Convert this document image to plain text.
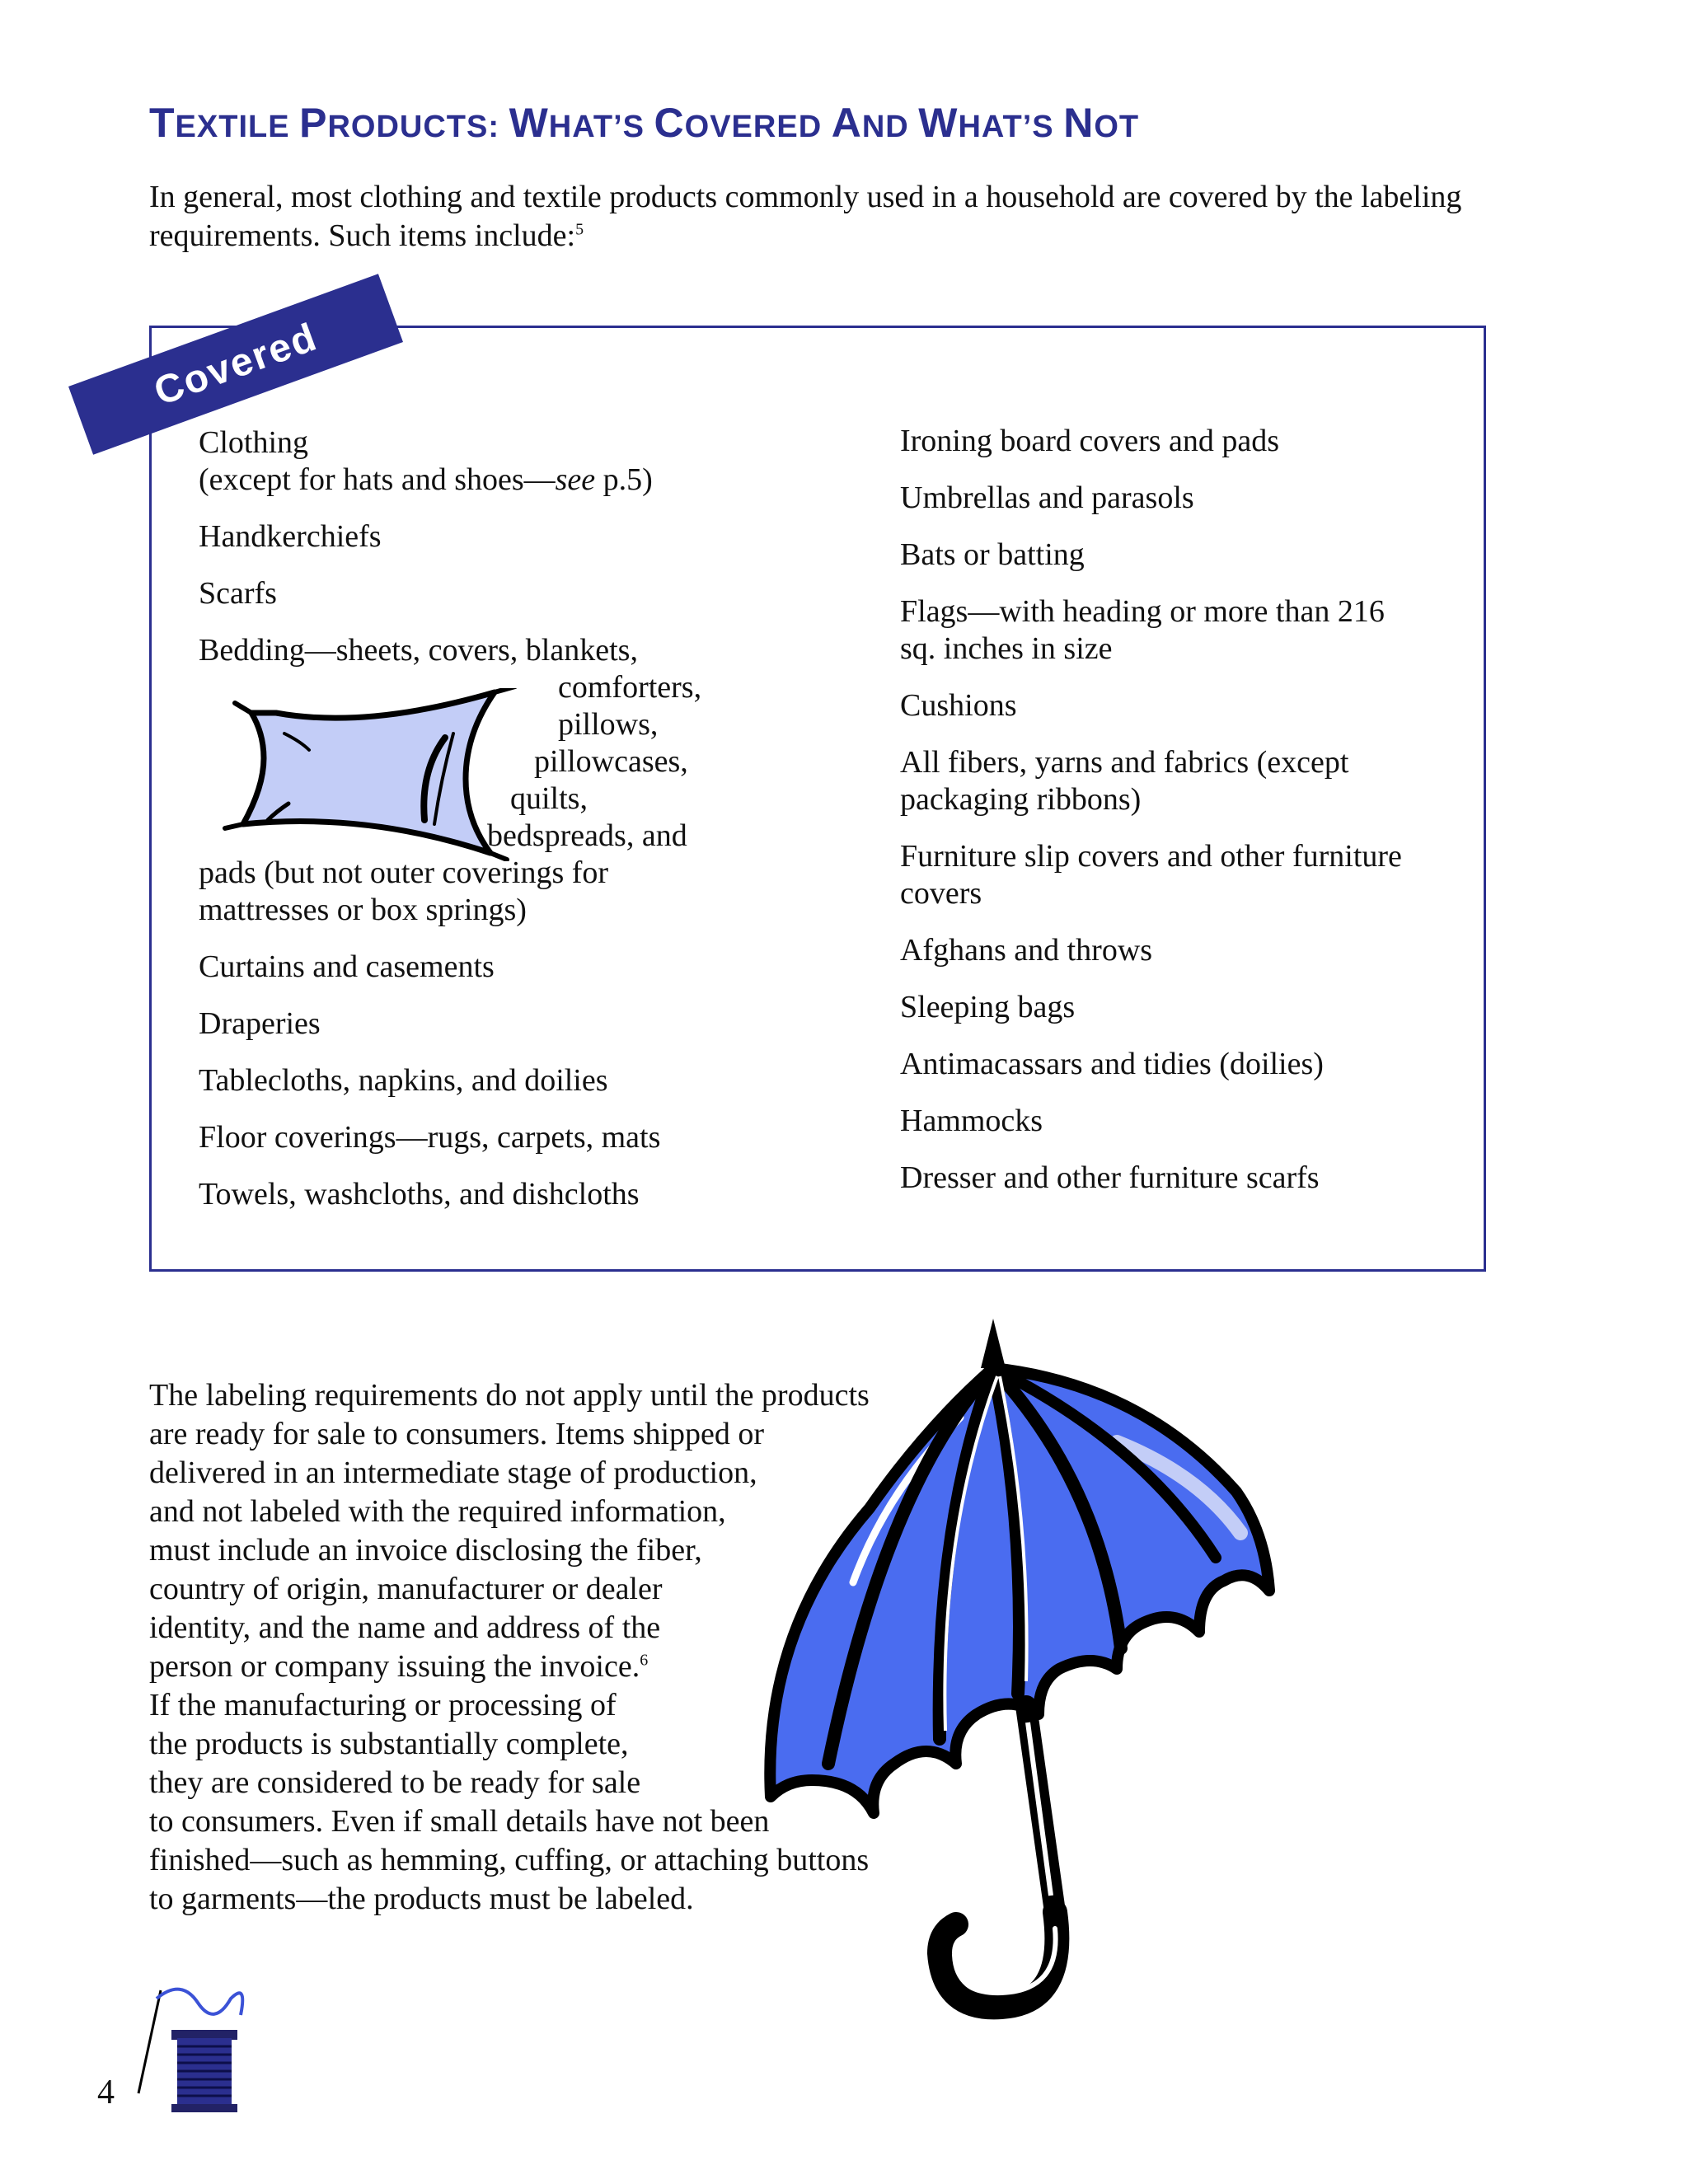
TEXTILE PRODUCTS: WHAT’S COVERED AND WHAT’S NOT

In general, most clothing and textile products commonly used in a household are covered by the labeling requirements. Such items include:$^5$

Covered
Clothing
(except for hats and shoes—see p.5)
Handkerchiefs
Scarfs
Bedding—sheets, covers, blankets,
comforters,
pillows,
pillowcases,
quilts,
bedspreads, and
pads (but not outer coverings for
mattresses or box springs)
Curtains and casements
Draperies
Tablecloths, napkins, and doilies
Floor coverings—rugs, carpets, mats
Towels, washcloths, and dishcloths
Ironing board covers and pads
Umbrellas and parasols
Bats or batting
Flags—with heading or more than 216
sq. inches in size
Cushions
All fibers, yarns and fabrics (except
packaging ribbons)
Furniture slip covers and other furniture
covers
Afghans and throws
Sleeping bags
Antimacassars and tidies (doilies)
Hammocks
Dresser and other furniture scarfs

The labeling requirements do not apply until the products
are ready for sale to consumers. Items shipped or
delivered in an intermediate stage of production,
and not labeled with the required information,
must include an invoice disclosing the fiber,
country of origin, manufacturer or dealer
identity, and the name and address of the
person or company issuing the invoice.$^6$
If the manufacturing or processing of
the products is substantially complete,
they are considered to be ready for sale
to consumers. Even if small details have not been
finished—such as hemming, cuffing, or attaching buttons
to garments—the products must be labeled.

4
